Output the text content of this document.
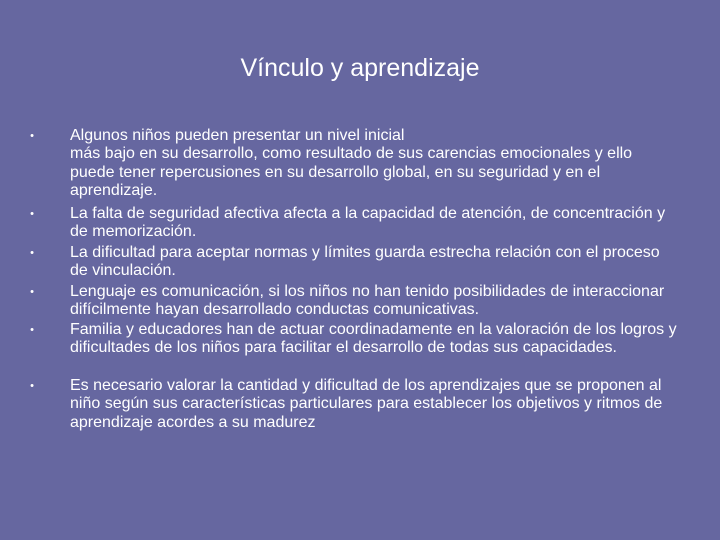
Vínculo y aprendizaje
• Algunos niños pueden presentar un nivel inicial
más bajo en su desarrollo, como resultado de sus carencias emocionales y ello puede tener repercusiones en su desarrollo global, en su seguridad y en el aprendizaje.
• La falta de seguridad afectiva afecta a la capacidad de atención, de concentración y de memorización.
• La dificultad para aceptar normas y límites guarda estrecha relación con el proceso de vinculación.
• Lenguaje es comunicación, si los niños no han tenido posibilidades de interaccionar difícilmente hayan desarrollado conductas comunicativas.
• Familia y educadores han de actuar coordinadamente en la valoración de los logros y dificultades de los niños para facilitar el desarrollo de todas sus capacidades.
• Es necesario valorar la cantidad y dificultad de los aprendizajes que se proponen al niño según sus características particulares para establecer los objetivos y ritmos de aprendizaje acordes a su madurez
